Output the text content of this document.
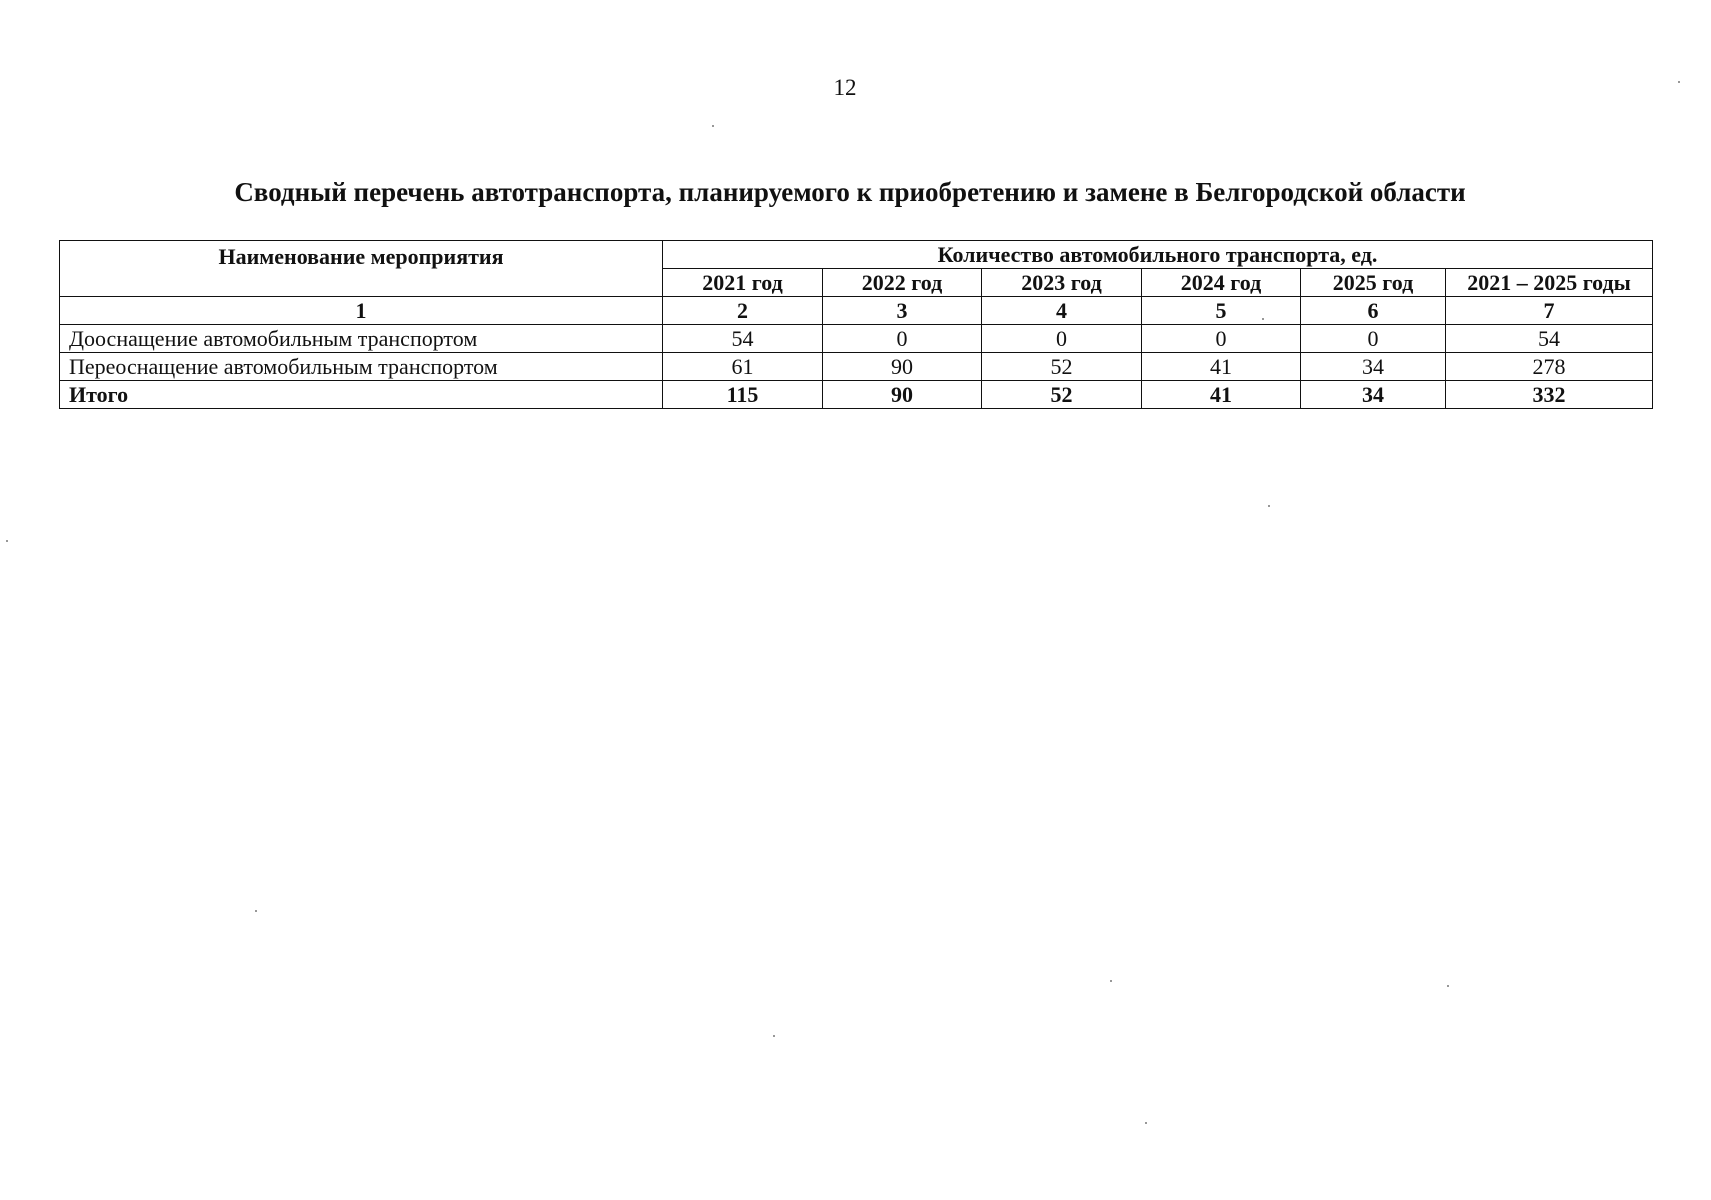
12
Сводный перечень автотранспорта, планируемого к приобретению и замене в Белгородской области
Наименование мероприятия	Количество автомобильного транспорта, ед.					
	2021 год	2022 год	2023 год	2024 год	2025 год	2021 – 2025 годы
1	2	3	4	5	6	7
Дооснащение автомобильным транспортом	54	0	0	0	0	54
Переоснащение автомобильным транспортом	61	90	52	41	34	278
Итого	115	90	52	41	34	332
